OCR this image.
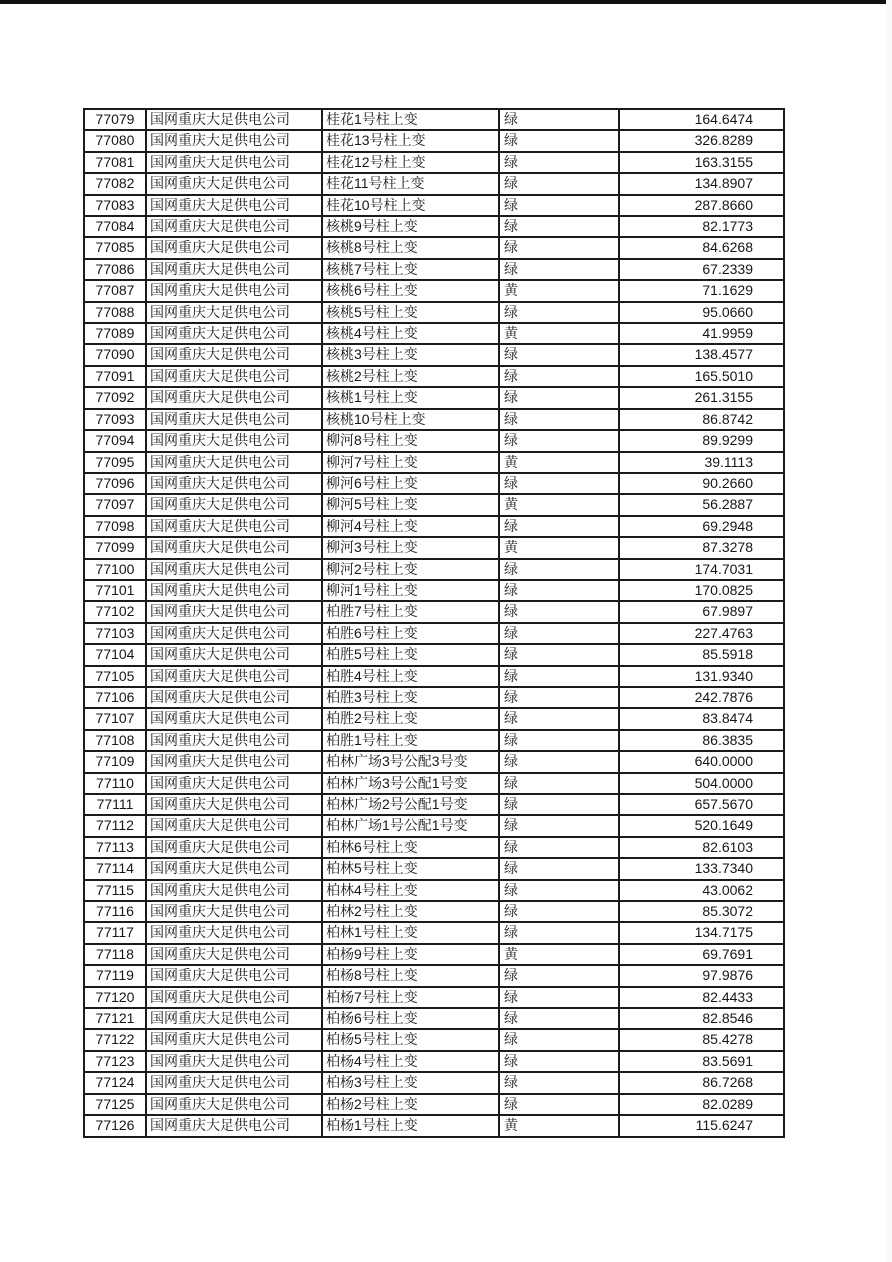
77079	国网重庆大足供电公司	桂花1号柱上变	绿	164.6474
77080	国网重庆大足供电公司	桂花13号柱上变	绿	326.8289
77081	国网重庆大足供电公司	桂花12号柱上变	绿	163.3155
77082	国网重庆大足供电公司	桂花11号柱上变	绿	134.8907
77083	国网重庆大足供电公司	桂花10号柱上变	绿	287.8660
77084	国网重庆大足供电公司	核桃9号柱上变	绿	82.1773
77085	国网重庆大足供电公司	核桃8号柱上变	绿	84.6268
77086	国网重庆大足供电公司	核桃7号柱上变	绿	67.2339
77087	国网重庆大足供电公司	核桃6号柱上变	黄	71.1629
77088	国网重庆大足供电公司	核桃5号柱上变	绿	95.0660
77089	国网重庆大足供电公司	核桃4号柱上变	黄	41.9959
77090	国网重庆大足供电公司	核桃3号柱上变	绿	138.4577
77091	国网重庆大足供电公司	核桃2号柱上变	绿	165.5010
77092	国网重庆大足供电公司	核桃1号柱上变	绿	261.3155
77093	国网重庆大足供电公司	核桃10号柱上变	绿	86.8742
77094	国网重庆大足供电公司	柳河8号柱上变	绿	89.9299
77095	国网重庆大足供电公司	柳河7号柱上变	黄	39.1113
77096	国网重庆大足供电公司	柳河6号柱上变	绿	90.2660
77097	国网重庆大足供电公司	柳河5号柱上变	黄	56.2887
77098	国网重庆大足供电公司	柳河4号柱上变	绿	69.2948
77099	国网重庆大足供电公司	柳河3号柱上变	黄	87.3278
77100	国网重庆大足供电公司	柳河2号柱上变	绿	174.7031
77101	国网重庆大足供电公司	柳河1号柱上变	绿	170.0825
77102	国网重庆大足供电公司	柏胜7号柱上变	绿	67.9897
77103	国网重庆大足供电公司	柏胜6号柱上变	绿	227.4763
77104	国网重庆大足供电公司	柏胜5号柱上变	绿	85.5918
77105	国网重庆大足供电公司	柏胜4号柱上变	绿	131.9340
77106	国网重庆大足供电公司	柏胜3号柱上变	绿	242.7876
77107	国网重庆大足供电公司	柏胜2号柱上变	绿	83.8474
77108	国网重庆大足供电公司	柏胜1号柱上变	绿	86.3835
77109	国网重庆大足供电公司	柏林广场3号公配3号变	绿	640.0000
77110	国网重庆大足供电公司	柏林广场3号公配1号变	绿	504.0000
77111	国网重庆大足供电公司	柏林广场2号公配1号变	绿	657.5670
77112	国网重庆大足供电公司	柏林广场1号公配1号变	绿	520.1649
77113	国网重庆大足供电公司	柏林6号柱上变	绿	82.6103
77114	国网重庆大足供电公司	柏林5号柱上变	绿	133.7340
77115	国网重庆大足供电公司	柏林4号柱上变	绿	43.0062
77116	国网重庆大足供电公司	柏林2号柱上变	绿	85.3072
77117	国网重庆大足供电公司	柏林1号柱上变	绿	134.7175
77118	国网重庆大足供电公司	柏杨9号柱上变	黄	69.7691
77119	国网重庆大足供电公司	柏杨8号柱上变	绿	97.9876
77120	国网重庆大足供电公司	柏杨7号柱上变	绿	82.4433
77121	国网重庆大足供电公司	柏杨6号柱上变	绿	82.8546
77122	国网重庆大足供电公司	柏杨5号柱上变	绿	85.4278
77123	国网重庆大足供电公司	柏杨4号柱上变	绿	83.5691
77124	国网重庆大足供电公司	柏杨3号柱上变	绿	86.7268
77125	国网重庆大足供电公司	柏杨2号柱上变	绿	82.0289
77126	国网重庆大足供电公司	柏杨1号柱上变	黄	115.6247
